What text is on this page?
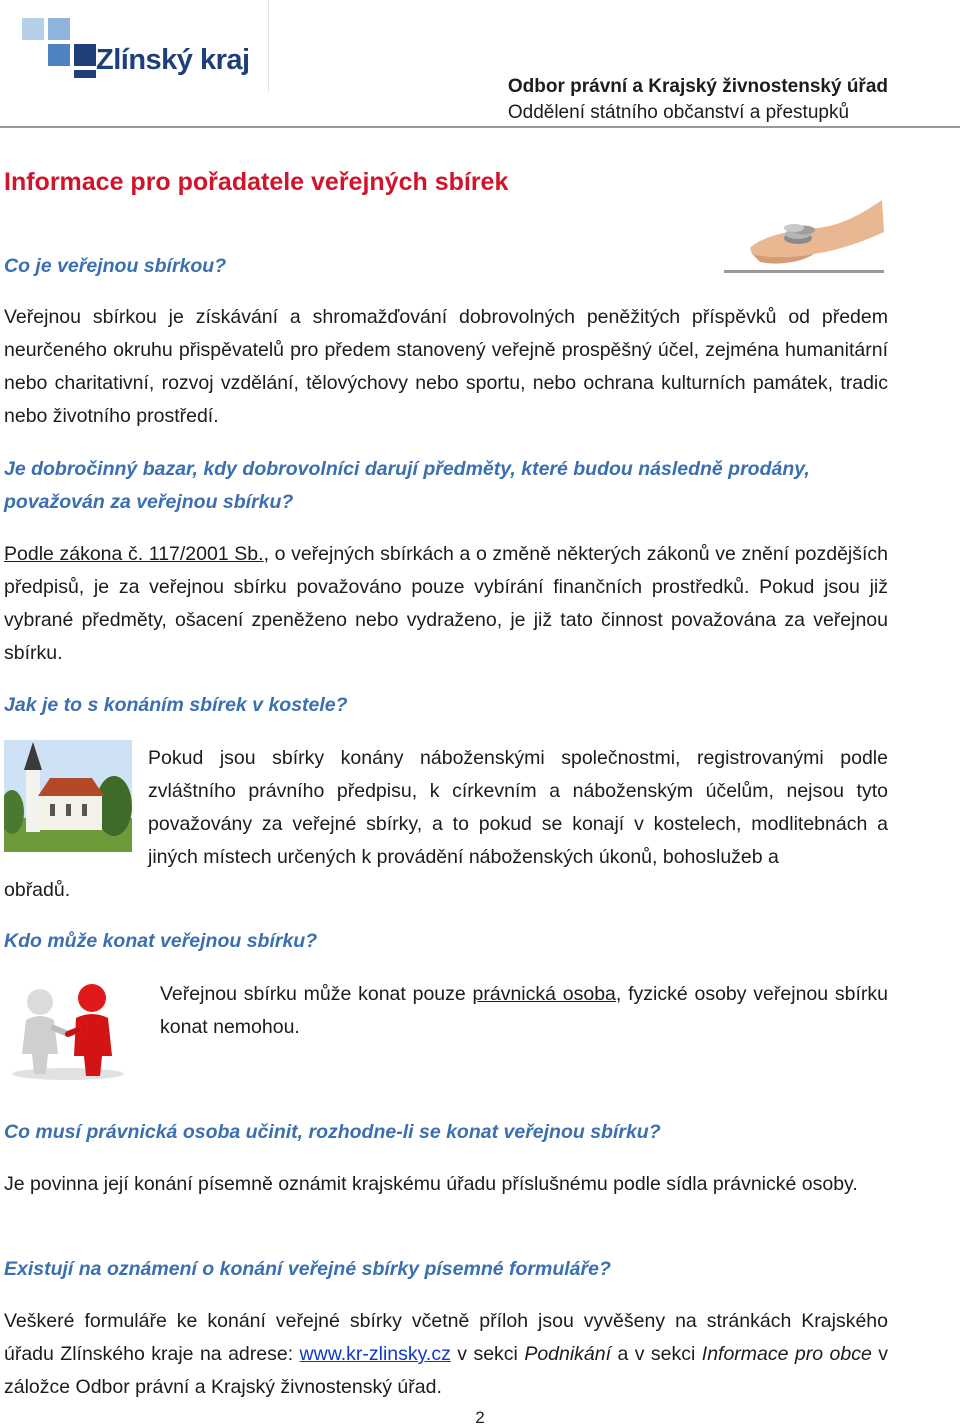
Zlínský kraj
Odbor právní a Krajský živnostenský úřad
Oddělení státního občanství a přestupků
Informace pro pořadatele veřejných sbírek
Co je veřejnou sbírkou?
Veřejnou sbírkou je získávání a shromažďování dobrovolných peněžitých příspěvků od předem neurčeného okruhu přispěvatelů pro předem stanovený veřejně prospěšný účel, zejména humanitární nebo charitativní, rozvoj vzdělání, tělovýchovy nebo sportu, nebo ochrana kulturních památek, tradic nebo životního prostředí.
Je dobročinný bazar, kdy dobrovolníci darují předměty, které budou následně prodány, považován za veřejnou sbírku?
Podle zákona č. 117/2001 Sb., o veřejných sbírkách a o změně některých zákonů ve znění pozdějších předpisů, je za veřejnou sbírku považováno pouze vybírání finančních prostředků. Pokud jsou již vybrané předměty, ošacení zpeněženo nebo vydraženo, je již tato činnost považována za veřejnou sbírku.
Jak je to s konáním sbírek v kostele?
Pokud jsou sbírky konány náboženskými společnostmi, registrovanými podle zvláštního právního předpisu, k církevním a náboženským účelům, nejsou tyto považovány za veřejné sbírky, a to pokud se konají v kostelech, modlitebnách a jiných místech určených k provádění náboženských úkonů, bohoslužeb a
obřadů.
Kdo může konat veřejnou sbírku?
Veřejnou sbírku může konat pouze právnická osoba, fyzické osoby veřejnou sbírku konat nemohou.
Co musí právnická osoba učinit, rozhodne-li se konat veřejnou sbírku?
Je povinna její konání písemně oznámit krajskému úřadu příslušnému podle sídla právnické osoby.
Existují na oznámení o konání veřejné sbírky písemné formuláře?
Veškeré formuláře ke konání veřejné sbírky včetně příloh jsou vyvěšeny na stránkách Krajského úřadu Zlínského kraje na adrese: www.kr-zlinsky.cz v sekci Podnikání a v sekci Informace pro obce v záložce Odbor právní a Krajský živnostenský úřad.
2
